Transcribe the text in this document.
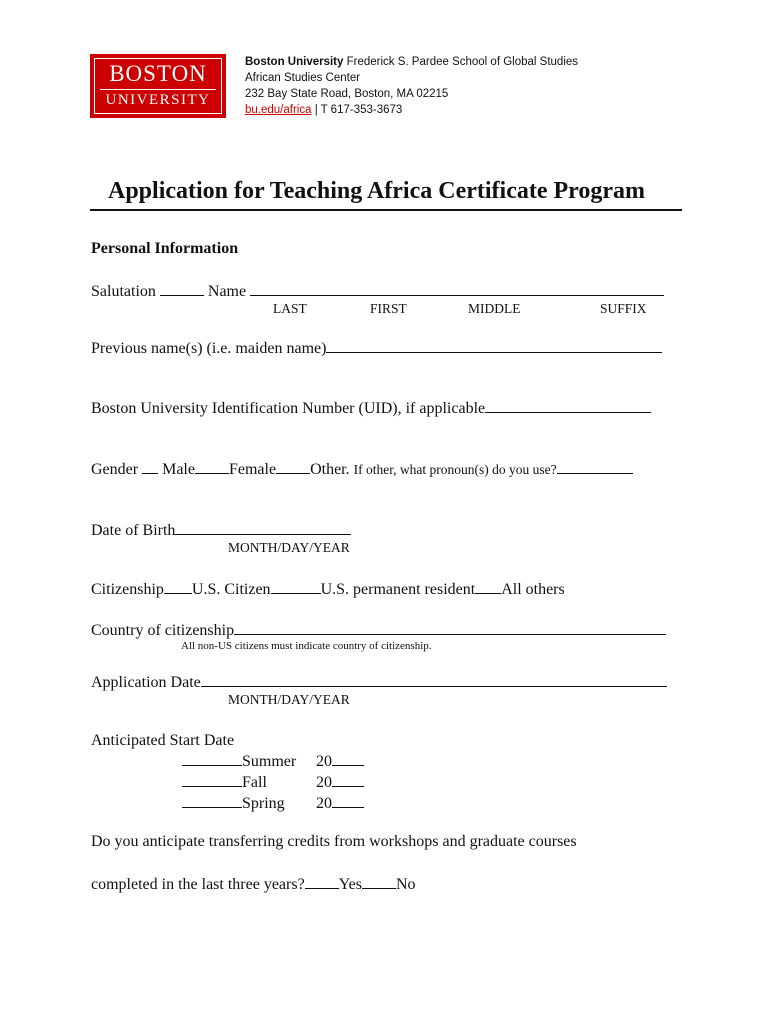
BOSTON
UNIVERSITY
Boston University Frederick S. Pardee School of Global Studies
African Studies Center
232 Bay State Road, Boston, MA 02215
bu.edu/africa | T 617-353-3673
Application for Teaching Africa Certificate Program
Personal Information
Salutation	Name
LAST	FIRST	MIDDLE	SUFFIX
Previous name(s) (i.e. maiden name)
Boston University Identification Number (UID), if applicable
Gender Male Female Other. If other, what pronoun(s) do you use?
Date of Birth
MONTH/DAY/YEAR
Citizenship U.S. Citizen	U.S. permanent resident All others
Country of citizenship
All non-US citizens must indicate country of citizenship.
Application Date
MONTH/DAY/YEAR
Anticipated Start Date
Summer 20
Fall	20
Spring 20
Do you anticipate transferring credits from workshops and graduate courses
completed in the last three years? Yes No
